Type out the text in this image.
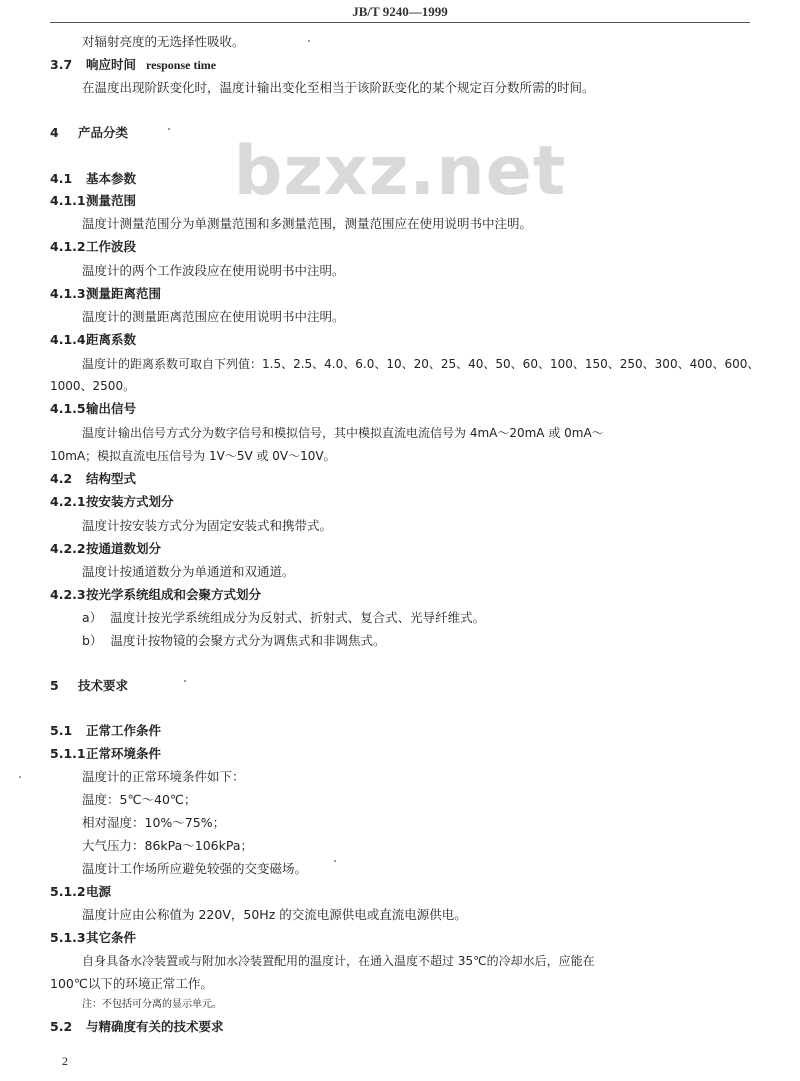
JB/T 9240—1999
bzxz.net
对辐射亮度的无选择性吸收。
3.7 响应时间 response time
在温度出现阶跃变化时，温度计输出变化至相当于该阶跃变化的某个规定百分数所需的时间。
4 产品分类
4.1 基本参数
4.1.1测量范围
温度计测量范围分为单测量范围和多测量范围，测量范围应在使用说明书中注明。
4.1.2工作波段
温度计的两个工作波段应在使用说明书中注明。
4.1.3测量距离范围
温度计的测量距离范围应在使用说明书中注明。
4.1.4距离系数
温度计的距离系数可取自下列值：1.5、2.5、4.0、6.0、10、20、25、40、50、60、100、150、250、300、400、600、
1000、2500。
4.1.5输出信号
温度计输出信号方式分为数字信号和模拟信号，其中模拟直流电流信号为 4mA～20mA 或 0mA～
10mA；模拟直流电压信号为 1V～5V 或 0V～10V。
4.2 结构型式
4.2.1按安装方式划分
温度计按安装方式分为固定安装式和携带式。
4.2.2按通道数划分
温度计按通道数分为单通道和双通道。
4.2.3按光学系统组成和会聚方式划分
a） 温度计按光学系统组成分为反射式、折射式、复合式、光导纤维式。
b） 温度计按物镜的会聚方式分为调焦式和非调焦式。
5 技术要求
5.1 正常工作条件
5.1.1正常环境条件
温度计的正常环境条件如下：
温度：5℃～40℃；
相对湿度：10%～75%；
大气压力：86kPa～106kPa；
温度计工作场所应避免较强的交变磁场。
5.1.2电源
温度计应由公称值为 220V，50Hz 的交流电源供电或直流电源供电。
5.1.3其它条件
自身具备水冷装置或与附加水冷装置配用的温度计，在通入温度不超过 35℃的冷却水后，应能在
100℃以下的环境正常工作。
注：不包括可分离的显示单元。
5.2 与精确度有关的技术要求
2
